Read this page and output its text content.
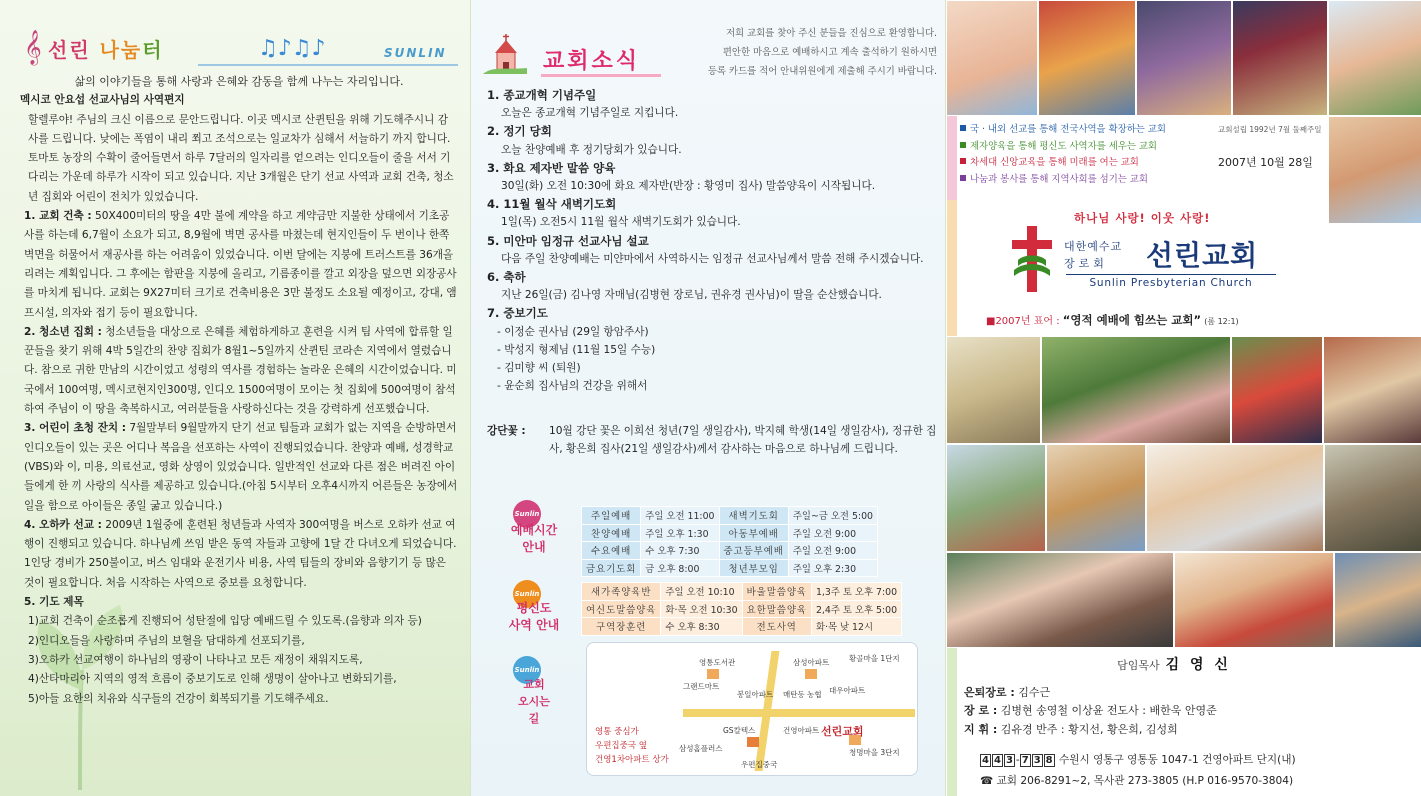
𝄞 선린 나눔터	♫♪♫♪	SUNLIN

삶의 이야기들을 통해 사랑과 은혜와 감동을 함께 나누는 자리입니다.

멕시코 안요섭 선교사님의 사역편지

할렐루야! 주님의 크신 이름으로 문안드립니다. 이곳 멕시코 산퀸틴을 위해 기도해주시니 감사를 드립니다. 낮에는 폭염이 내리 쬐고 조석으로는 일교차가 심해서 서늘하기 까지 합니다. 토마토 농장의 수확이 줄어들면서 하루 7달러의 일자리를 얻으려는 인디오들이 줄을 서서 기다리는 가운데 하루가 시작이 되고 있습니다. 지난 3개월은 단기 선교 사역과 교회 건축, 청소년 집회와 어린이 전치가 있었습니다.

1. 교회 건축 : 50X400미터의 땅을 4만 불에 계약을 하고 계약금만 지불한 상태에서 기초공사를 하는데 6,7월이 소요가 되고, 8,9월에 벽면 공사를 마쳤는데 현지인들이 두 번이나 한쪽 벽면을 허물어서 재공사를 하는 어려움이 있었습니다. 이번 달에는 지붕에 트러스트를 36개올리려는 계획입니다. 그 후에는 함판을 지붕에 올리고, 기름종이를 깔고 외장을 덮으면 외장공사를 마치게 됩니다. 교회는 9X27미터 크기로 건축비용은 3만 불정도 소요될 예정이고, 강대, 앰프시설, 의자와 접기 등이 필요합니다.

2. 청소년 집회 : 청소년들을 대상으로 은혜를 체험하게하고 훈련을 시켜 팀 사역에 합류할 일꾼들을 찾기 위해 4박 5일간의 찬양 집회가 8월1~5일까지 산퀸틴 코라손 지역에서 열렸습니다. 참으로 귀한 만남의 시간이었고 성령의 역사를 경험하는 놀라운 은혜의 시간이었습니다. 미국에서 100여명, 멕시코현지인300명, 인디오 1500여명이 모이는 첫 집회에 500여명이 참석하여 주님이 이 땅을 축복하시고, 여러분들을 사랑하신다는 것을 강력하게 선포했습니다.

3. 어린이 초청 잔치 : 7월말부터 9월말까지 단기 선교 팀들과 교회가 없는 지역을 순방하면서 인디오들이 있는 곳은 어디나 복음을 선포하는 사역이 진행되었습니다. 찬양과 예배, 성경학교(VBS)와 이, 미용, 의료선교, 영화 상영이 있었습니다. 일반적인 선교와 다른 점은 버려진 아이들에게 한 끼 사랑의 식사를 제공하고 있습니다.(아침 5시부터 오후4시까지 어른들은 농장에서 일을 함으로 아이들은 종일 굶고 있습니다.)

4. 오하카 선교 : 2009년 1월중에 훈련된 청년들과 사역자 300여명을 버스로 오하카 선교 여행이 진행되고 있습니다. 하나님께 쓰임 받은 동역 자들과 고향에 1달 간 다녀오게 되었습니다. 1인당 경비가 250불이고, 버스 임대와 운전기사 비용, 사역 팀들의 장비와 음향기기 등 많은 것이 필요합니다. 처음 시작하는 사역으로 중보를 요청합니다.

5. 기도 제목

1)교회 건축이 순조롭게 진행되어 성탄절에 입당 예배드릴 수 있도록.(음향과 의자 등)

2)인디오들을 사랑하며 주님의 보혈을 담대하게 선포되기를,

3)오하카 선교여행이 하나님의 영광이 나타나고 모든 재정이 채워지도록,

4)산타마리아 지역의 영적 흐름이 중보기도로 인해 생명이 살아나고 변화되기를,

5)아들 요한의 치유와 식구들의 건강이 회복되기를 기도해주세요.

교회소식
저희 교회를 찾아 주신 분들을 진심으로 환영합니다.
편안한 마음으로 예배하시고 계속 출석하기 원하시면
등록 카드를 적어 안내위원에게 제출해 주시기 바랍니다.
1. 종교개혁 기념주일
오늘은 종교개혁 기념주일로 지킵니다.
2. 정기 당회
오늘 찬양예배 후 정기당회가 있습니다.
3. 화요 제자반 말씀 양육
30일(화) 오전 10:30에 화요 제자반(반장 : 황영미 집사) 말씀양육이 시작됩니다.
4. 11월 월삭 새벽기도회
1일(목) 오전5시 11월 월삭 새벽기도회가 있습니다.
5. 미안마 임정규 선교사님 설교
다음 주일 찬양예배는 미얀마에서 사역하시는 임정규 선교사님께서 말씀 전해 주시겠습니다.
6. 축하
지난 26일(금) 김나영 자매님(김병현 장로님, 권유경 권사님)이 딸을 순산했습니다.
7. 중보기도
- 이정순 권사님 (29일 항암주사)
- 박성지 형제님 (11월 15일 수능)
- 김미향 씨 (퇴원)
- 윤순희 집사님의 건강을 위해서
강단꽃 :	10월 강단 꽃은 이희선 청년(7일 생일감사), 박지혜 학생(14일 생일감사), 정규한 집사, 황은희 집사(21일 생일감사)께서 감사하는 마음으로 하나님께 드립니다.
Sunlin
예배시간
안내
주일예배	주일 오전 11:00	새벽기도회	주일~금 오전 5:00
찬양예배	주일 오후 1:30	아동부예배	주일 오전 9:00
수요예배	수 오후 7:30	중고등부예배	주일 오전 9:00
금요기도회	금 오후 8:00	청년부모임	주일 오후 2:30
Sunlin
평신도
사역 안내
새가족양육반	주일 오전 10:10	바울말씀양육	1,3주 토 오후 7:00
여신도말씀양육	화·목 오전 10:30	요한말씀양육	2,4주 토 오후 5:00
구역장훈련	수 오후 8:30	전도사역	화·목 낮 12시
Sunlin
교회
오시는
길
영통도서관
그랜드마트
봉일아파트 매탄동 농협
삼성아파트
대우아파트
황골마을 1단지
GS칼텍스	건영아파트
우편집중국
삼성홈플러스	청명마을 3단지
영통 중심가
우편집중국 옆
건영1차아파트 상가
선린교회
국 · 내외 선교를 통해 전국사역을 확장하는 교회
제자양육을 통해 평신도 사역자를 세우는 교회
차세대 신앙교육을 통해 미래를 여는 교회
나눔과 봉사를 통해 지역사회를 섬기는 교회
교회설립 1992년 7월 둘째주일
2007년 10월 28일
하나님 사랑! 이웃 사랑!
대한예수교
장로회 선린교회
Sunlin Presbyterian Church
■2007년 표어 : “영적 예배에 힘쓰는 교회” (롬 12:1)
담임목사 김 영 신
은퇴장로 : 김수근
장 로 : 김병현 송영철 이상윤 전도사 : 배한욱 안영준
지 휘 : 김유경 반주 : 황지선, 황은희, 김성희
4 4 3 - 7 3 8 수원시 영통구 영통동 1047-1 건영아파트 단지(내)
☎ 교회 206-8291~2, 목사관 273-3805 (H.P 016-9570-3804)
